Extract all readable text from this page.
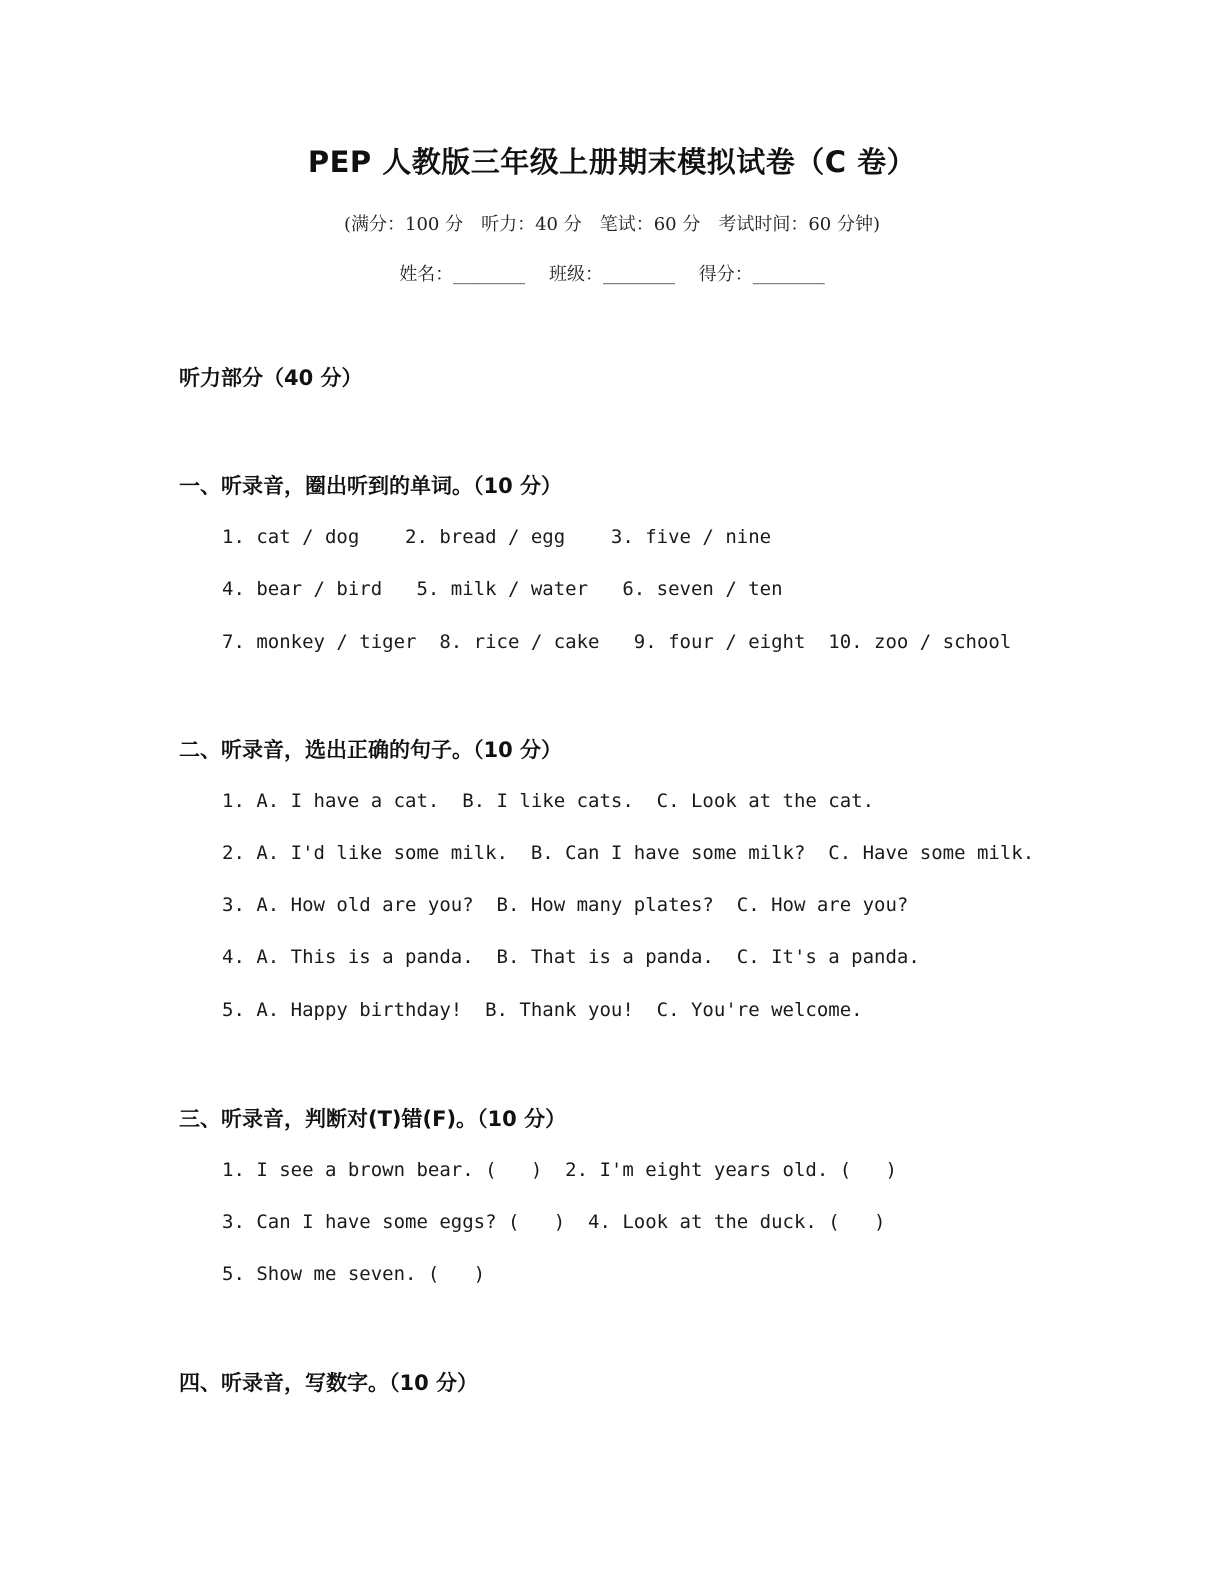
PEP 人教版三年级上册期末模拟试卷（C 卷）
(满分：100 分　听力：40 分　笔试：60 分　考试时间：60 分钟)
姓名：________ 班级：________ 得分：________
听力部分（40 分）
一、听录音，圈出听到的单词。（10 分）
1. cat / dog    2. bread / egg    3. five / nine
4. bear / bird   5. milk / water   6. seven / ten
7. monkey / tiger  8. rice / cake   9. four / eight  10. zoo / school
二、听录音，选出正确的句子。（10 分）
1. A. I have a cat.  B. I like cats.  C. Look at the cat.
2. A. I'd like some milk.  B. Can I have some milk?  C. Have some milk.
3. A. How old are you?  B. How many plates?  C. How are you?
4. A. This is a panda.  B. That is a panda.  C. It's a panda.
5. A. Happy birthday!  B. Thank you!  C. You're welcome.
三、听录音，判断对(T)错(F)。（10 分）
1. I see a brown bear. (   )  2. I'm eight years old. (   )
3. Can I have some eggs? (   )  4. Look at the duck. (   )
5. Show me seven. (   )
四、听录音，写数字。（10 分）
